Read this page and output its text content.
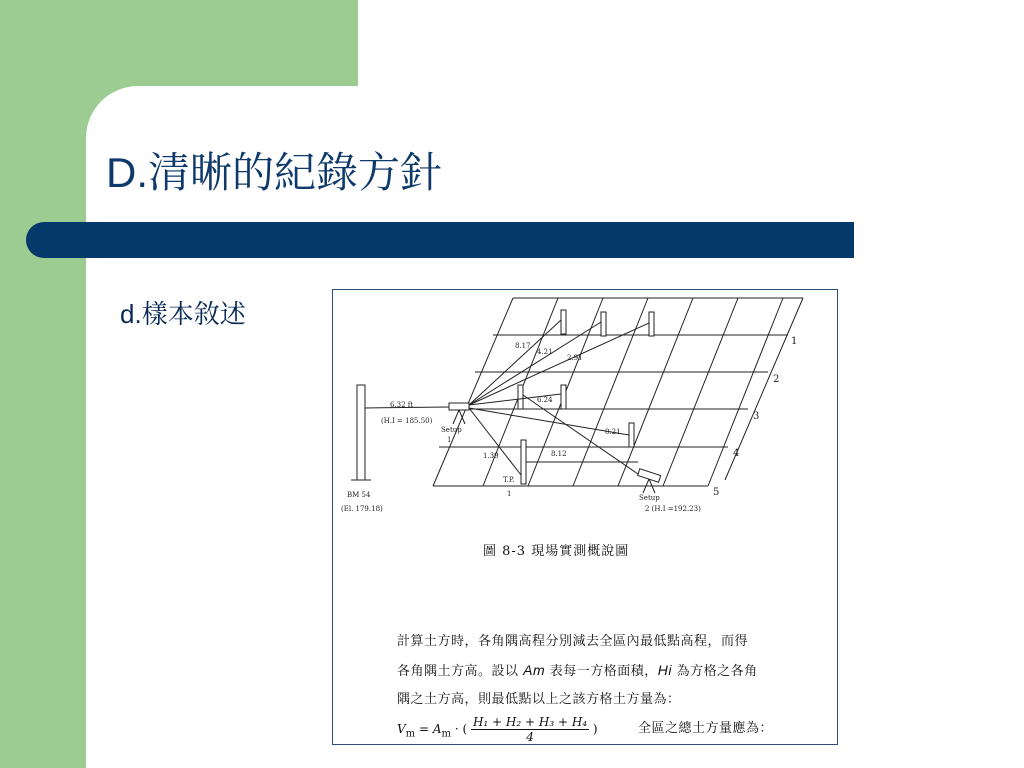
D.清晰的紀錄方針
d.樣本敘述
1
2
3
4
5
8.17
4.21
2.91
6.24
0.21
8.12
1.39
6.32 ft
(H.I = 185.50)
Setup
1
T.P.
1
BM 54
(El. 179.18)
Setup
2 (H.I =192.23)
圖 8-3 現場實測概說圖
計算土方時，各角隅高程分別減去全區內最低點高程，而得
各角隅土方高。設以 Am 表每一方格面積，Hi 為方格之各角
隅之土方高，則最低點以上之該方格土方量為：
$V_m = A_m$ · ( $\frac{\text{H₁ + H₂ + H₃ + H₄}}{4}$ )	全區之總土方量應為：
